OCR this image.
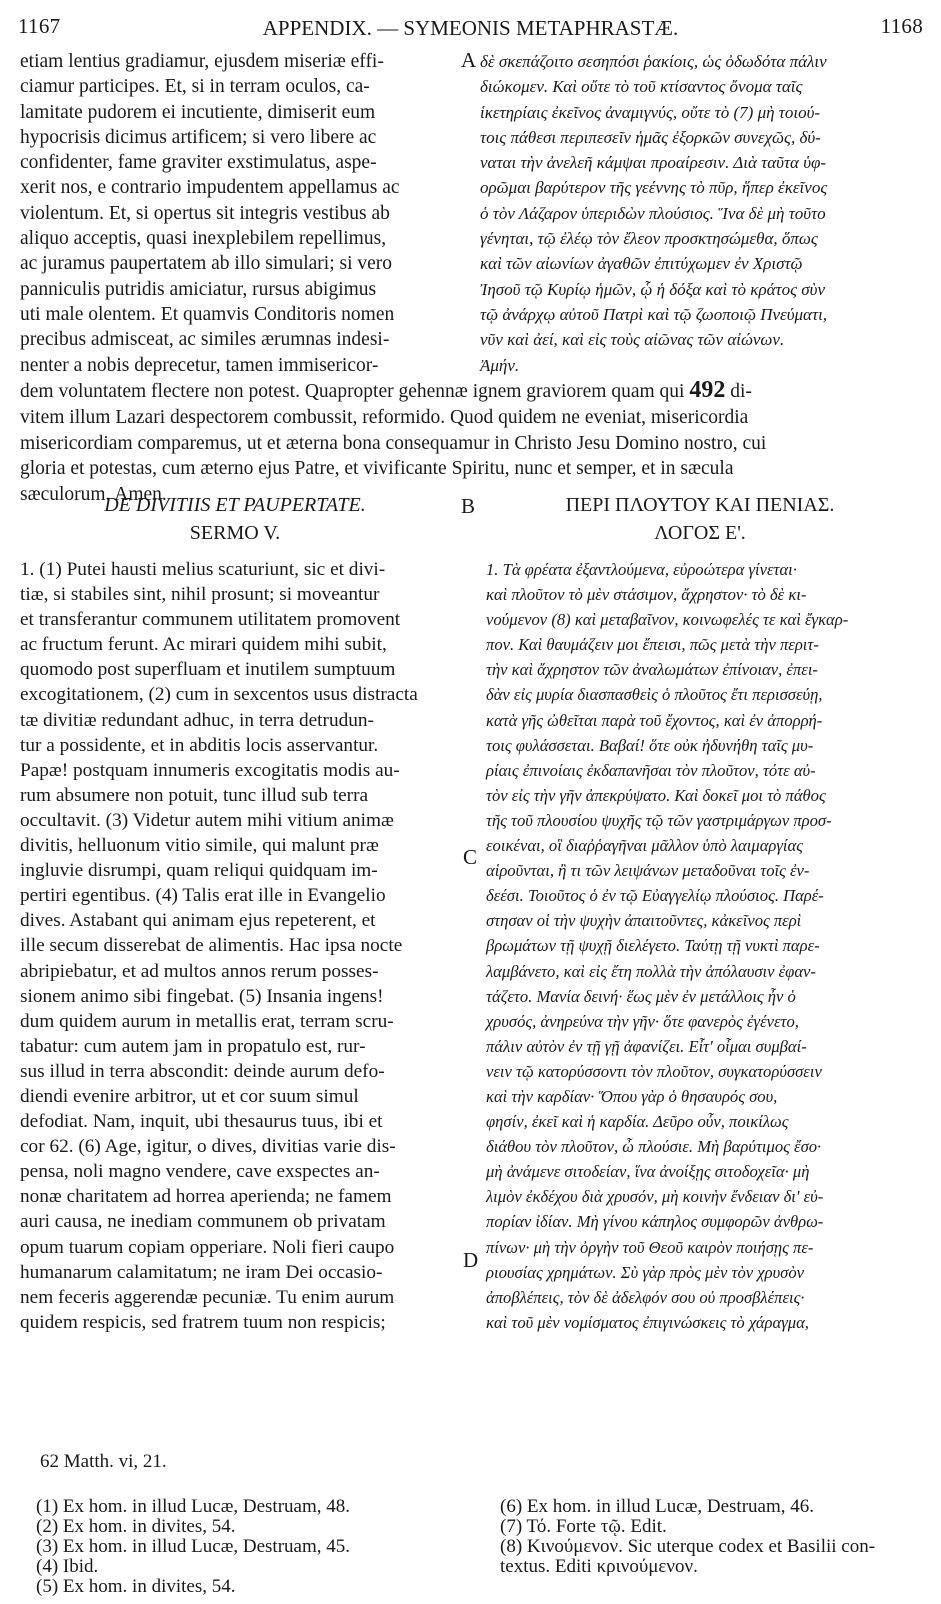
1167	APPENDIX. — SYMEONIS METAPHRASTÆ.	1168
etiam lentius gradiamur, ejusdem miseriæ effi-
ciamur participes. Et, si in terram oculos, ca-
lamitate pudorem ei incutiente, dimiserit eum
hypocrisis dicimus artificem; si vero libere ac
confidenter, fame graviter exstimulatus, aspe-
xerit nos, e contrario impudentem appellamus ac
violentum. Et, si opertus sit integris vestibus ab
aliquo acceptis, quasi inexplebilem repellimus,
ac juramus paupertatem ab illo simulari; si vero
panniculis putridis amiciatur, rursus abigimus
uti male olentem. Et quamvis Conditoris nomen
precibus admisceat, ac similes ærumnas indesi-
nenter a nobis deprecetur, tamen immisericor-
A δὲ σκεπάζοιτο σεσηπόσι ῥακίοις, ὡς ὀδωδότα πάλιν
διώκομεν. Καὶ οὔτε τὸ τοῦ κτίσαντος ὄνομα ταῖς
ἱκετηρίαις ἐκεῖνος ἀναμιγνύς, οὔτε τὸ (7) μὴ τοιού-
τοις πάθεσι περιπεσεῖν ἡμᾶς ἐξορκῶν συνεχῶς, δύ-
ναται τὴν ἀνελεῆ κάμψαι προαίρεσιν. Διὰ ταῦτα ὑφ-
ορῶμαι βαρύτερον τῆς γεέννης τὸ πῦρ, ἥπερ ἐκεῖνος
ὁ τὸν Λάζαρον ὑπεριδὼν πλούσιος. Ἵνα δὲ μὴ τοῦτο
γένηται, τῷ ἐλέῳ τὸν ἔλεον προσκτησώμεθα, ὅπως
καὶ τῶν αἰωνίων ἀγαθῶν ἐπιτύχωμεν ἐν Χριστῷ
Ἰησοῦ τῷ Κυρίῳ ἡμῶν, ᾧ ἡ δόξα καὶ τὸ κράτος σὺν
τῷ ἀνάρχῳ αὐτοῦ Πατρὶ καὶ τῷ ζωοποιῷ Πνεύματι,
νῦν καὶ ἀεί, καὶ εἰς τοὺς αἰῶνας τῶν αἰώνων.
Ἀμήν.
dem voluntatem flectere non potest. Quapropter gehennæ ignem graviorem quam qui 492 di-
vitem illum Lazari despectorem combussit, reformido. Quod quidem ne eveniat, misericordia
misericordiam comparemus, ut et æterna bona consequamur in Christo Jesu Domino nostro, cui
gloria et potestas, cum æterno ejus Patre, et vivificante Spiritu, nunc et semper, et in sæcula
sæculorum. Amen.
DE DIVITIIS ET PAUPERTATE.	B	ΠΕΡΙ ΠΛΟΥΤΟΥ ΚΑΙ ΠΕΝΙΑΣ.
SERMO V.	ΛΟΓΟΣ Ε'.
1. (1) Putei hausti melius scaturiunt, sic et divi-
tiæ, si stabiles sint, nihil prosunt; si moveantur
et transferantur communem utilitatem promovent
ac fructum ferunt. Ac mirari quidem mihi subit,
quomodo post superfluam et inutilem sumptuum
excogitationem, (2) cum in sexcentos usus distracta
tæ divitiæ redundant adhuc, in terra detrudun-
tur a possidente, et in abditis locis asservantur.
Papæ! postquam innumeris excogitatis modis au-
rum absumere non potuit, tunc illud sub terra
occultavit. (3) Videtur autem mihi vitium animæ
divitis, helluonum vitio simile, qui malunt præ
ingluvie disrumpi, quam reliqui quidquam im-
pertiri egentibus. (4) Talis erat ille in Evangelio
dives. Astabant qui animam ejus repeterent, et
ille secum disserebat de alimentis. Hac ipsa nocte
abripiebatur, et ad multos annos rerum posses-
sionem animo sibi fingebat. (5) Insania ingens!
dum quidem aurum in metallis erat, terram scru-
tabatur: cum autem jam in propatulo est, rur-
sus illud in terra abscondit: deinde aurum defo-
diendi evenire arbitror, ut et cor suum simul
defodiat. Nam, inquit, ubi thesaurus tuus, ibi et
cor 62. (6) Age, igitur, o dives, divitias varie dis-
pensa, noli magno vendere, cave exspectes an-
nonæ charitatem ad horrea aperienda; ne famem
auri causa, ne inediam communem ob privatam
opum tuarum copiam opperiare. Noli fieri caupo
humanarum calamitatum; ne iram Dei occasio-
nem feceris aggerendæ pecuniæ. Tu enim aurum
quidem respicis, sed fratrem tuum non respicis;
C
D
1. Τὰ φρέατα ἐξαντλούμενα, εὐροώτερα γίνεται·
καὶ πλοῦτον τὸ μὲν στάσιμον, ἄχρηστον· τὸ δὲ κι-
νούμενον (8) καὶ μεταβαῖνον, κοινωφελές τε καὶ ἔγκαρ-
πον. Καὶ θαυμάζειν μοι ἔπεισι, πῶς μετὰ τὴν περιτ-
τὴν καὶ ἄχρηστον τῶν ἀναλωμάτων ἐπίνοιαν, ἐπει-
δὰν εἰς μυρία διασπασθεὶς ὁ πλοῦτος ἔτι περισσεύῃ,
κατὰ γῆς ὠθεῖται παρὰ τοῦ ἔχοντος, καὶ ἐν ἀπορρή-
τοις φυλάσσεται. Βαβαί! ὅτε οὐκ ἠδυνήθη ταῖς μυ-
ρίαις ἐπινοίαις ἐκδαπανῆσαι τὸν πλοῦτον, τότε αὐ-
τὸν εἰς τὴν γῆν ἀπεκρύψατο. Καὶ δοκεῖ μοι τὸ πάθος
τῆς τοῦ πλουσίου ψυχῆς τῷ τῶν γαστριμάργων προσ-
εοικέναι, οἳ διαῤῥαγῆναι μᾶλλον ὑπὸ λαιμαργίας
αἱροῦνται, ἢ τι τῶν λειψάνων μεταδοῦναι τοῖς ἐν-
δεέσι. Τοιοῦτος ὁ ἐν τῷ Εὐαγγελίῳ πλούσιος. Παρέ-
στησαν οἱ τὴν ψυχὴν ἀπαιτοῦντες, κἀκεῖνος περὶ
βρωμάτων τῇ ψυχῇ διελέγετο. Ταύτῃ τῇ νυκτὶ παρε-
λαμβάνετο, καὶ εἰς ἔτη πολλὰ τὴν ἀπόλαυσιν ἐφαν-
τάζετο. Μανία δεινή· ἕως μὲν ἐν μετάλλοις ἦν ὁ
χρυσός, ἀνηρεύνα τὴν γῆν· ὅτε φανερὸς ἐγένετο,
πάλιν αὐτὸν ἐν τῇ γῇ ἀφανίζει. Εἶτ' οἶμαι συμβαί-
νειν τῷ κατορύσσοντι τὸν πλοῦτον, συγκατορύσσειν
καὶ τὴν καρδίαν· Ὅπου γὰρ ὁ θησαυρός σου,
φησίν, ἐκεῖ καὶ ἡ καρδία. Δεῦρο οὖν, ποικίλως
διάθου τὸν πλοῦτον, ὦ πλούσιε. Μὴ βαρύτιμος ἔσο·
μὴ ἀνάμενε σιτοδείαν, ἵνα ἀνοίξῃς σιτοδοχεῖα· μὴ
λιμὸν ἐκδέχου διὰ χρυσόν, μὴ κοινὴν ἔνδειαν δι' εὐ-
πορίαν ἰδίαν. Μὴ γίνου κάπηλος συμφορῶν ἀνθρω-
πίνων· μὴ τὴν ὀργὴν τοῦ Θεοῦ καιρὸν ποιήσῃς πε-
ριουσίας χρημάτων. Σὺ γὰρ πρὸς μὲν τὸν χρυσὸν
ἀποβλέπεις, τὸν δὲ ἀδελφόν σου οὐ προσβλέπεις·
καὶ τοῦ μὲν νομίσματος ἐπιγινώσκεις τὸ χάραγμα,
62 Matth. vi, 21.
(1) Ex hom. in illud Lucæ, Destruam, 48.
(2) Ex hom. in divites, 54.
(3) Ex hom. in illud Lucæ, Destruam, 45.
(4) Ibid.
(5) Ex hom. in divites, 54.
(6) Ex hom. in illud Lucæ, Destruam, 46.
(7) Τό. Forte τῷ. Edit.
(8) Κινούμενον. Sic uterque codex et Basilii con-
textus. Editi κρινούμενον.
